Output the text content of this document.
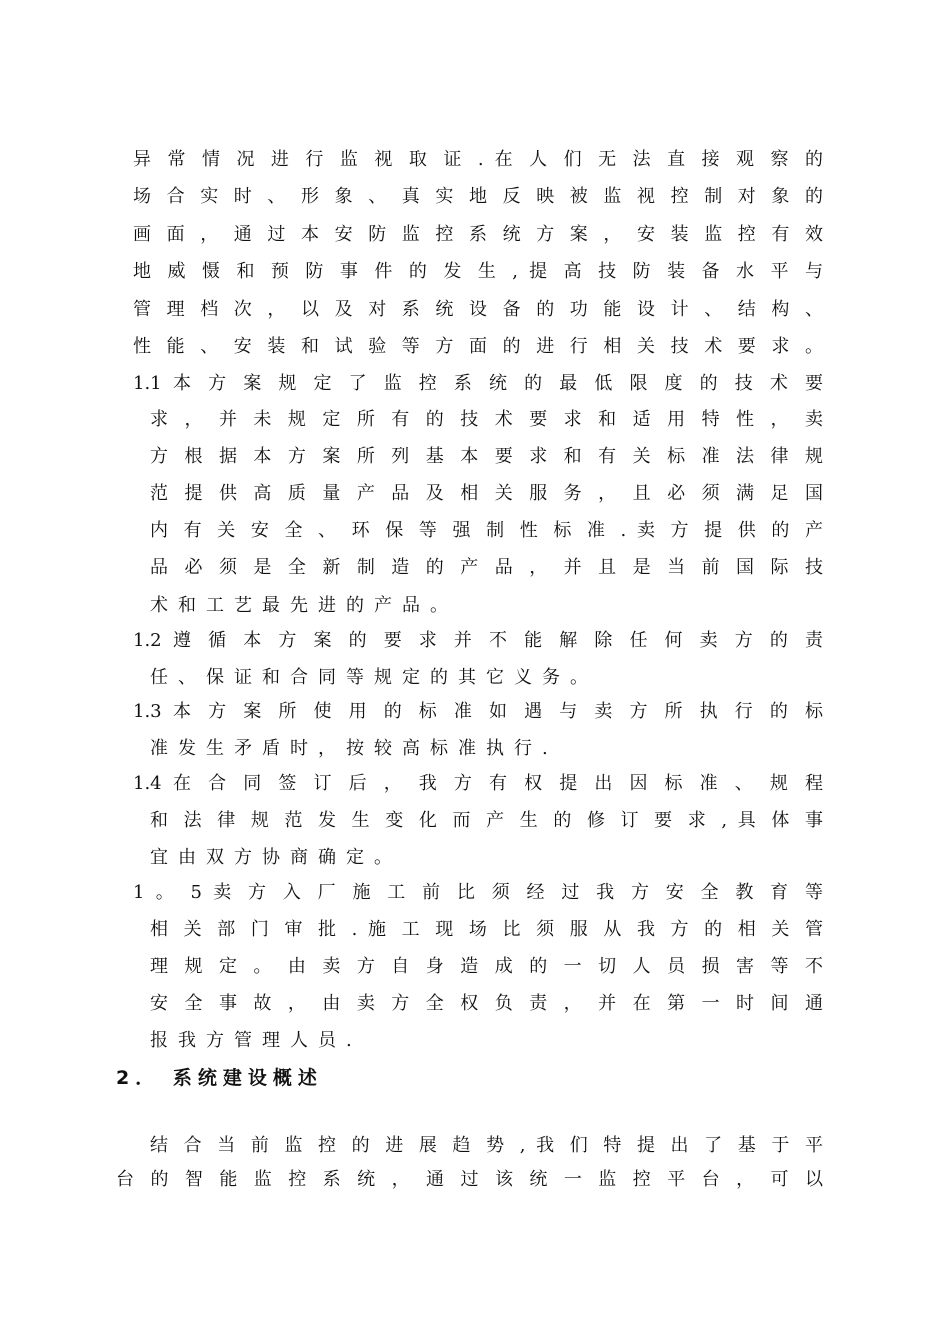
异 常 情 况 进 行 监 视 取 证 . 在 人 们 无 法 直 接 观 察 的
场 合 实 时 、 形 象 、 真 实 地 反 映 被 监 视 控 制 对 象 的
画 面 ， 通 过 本 安 防 监 控 系 统 方 案 ， 安 装 监 控 有 效
地 威 慑 和 预 防 事 件 的 发 生 , 提 高 技 防 装 备 水 平 与
管 理 档 次 ， 以 及 对 系 统 设 备 的 功 能 设 计 、 结 构 、
性 能 、 安 装 和 试 验 等 方 面 的 进 行 相 关 技 术 要 求 。
1.1 本 方 案 规 定 了 监 控 系 统 的 最 低 限 度 的 技 术 要
求 ， 并 未 规 定 所 有 的 技 术 要 求 和 适 用 特 性 ， 卖
方 根 据 本 方 案 所 列 基 本 要 求 和 有 关 标 准 法 律 规
范 提 供 高 质 量 产 品 及 相 关 服 务 ， 且 必 须 满 足 国
内 有 关 安 全 、 环 保 等 强 制 性 标 准 . 卖 方 提 供 的 产
品 必 须 是 全 新 制 造 的 产 品 ， 并 且 是 当 前 国 际 技
术和工艺最先进的产品。
1.2 遵 循 本 方 案 的 要 求 并 不 能 解 除 任 何 卖 方 的 责
任、保证和合同等规定的其它义务。
1.3 本 方 案 所 使 用 的 标 准 如 遇 与 卖 方 所 执 行 的 标
准发生矛盾时，按较高标准执行.
1.4 在 合 同 签 订 后 ， 我 方 有 权 提 出 因 标 准 、 规 程
和 法 律 规 范 发 生 变 化 而 产 生 的 修 订 要 求 , 具 体 事
宜由双方协商确定。
1 。 5 卖 方 入 厂 施 工 前 比 须 经 过 我 方 安 全 教 育 等
相 关 部 门 审 批 . 施 工 现 场 比 须 服 从 我 方 的 相 关 管
理 规 定 。 由 卖 方 自 身 造 成 的 一 切 人 员 损 害 等 不
安 全 事 故 ， 由 卖 方 全 权 负 责 ， 并 在 第 一 时 间 通
报我方管理人员.
2． 系统建设概述
结 合 当 前 监 控 的 进 展 趋 势 , 我 们 特 提 出 了 基 于 平
台 的 智 能 监 控 系 统 ， 通 过 该 统 一 监 控 平 台 ， 可 以
